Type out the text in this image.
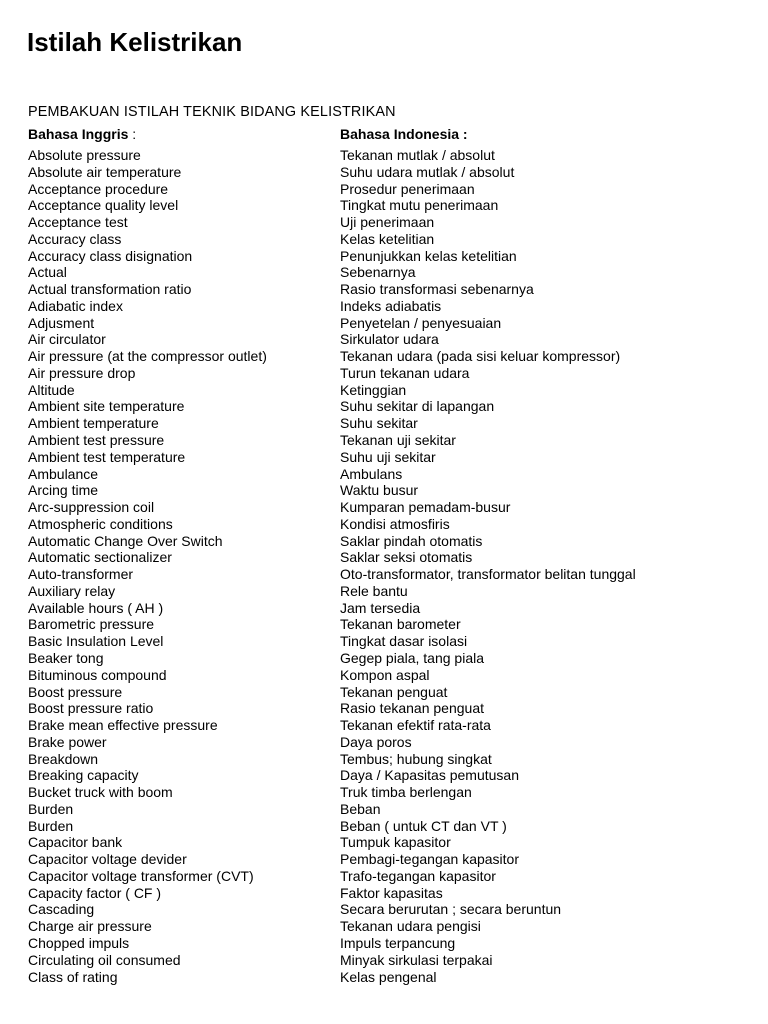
Istilah Kelistrikan
PEMBAKUAN ISTILAH TEKNIK BIDANG KELISTRIKAN
Bahasa Inggris :	Bahasa Indonesia :
Absolute pressure	Tekanan mutlak / absolut
Absolute air temperature	Suhu udara mutlak / absolut
Acceptance procedure	Prosedur penerimaan
Acceptance quality level	Tingkat mutu penerimaan
Acceptance test	Uji penerimaan
Accuracy class	Kelas ketelitian
Accuracy class disignation	Penunjukkan kelas ketelitian
Actual	Sebenarnya
Actual transformation ratio	Rasio transformasi sebenarnya
Adiabatic index	Indeks adiabatis
Adjusment	Penyetelan / penyesuaian
Air circulator	Sirkulator udara
Air pressure (at the compressor outlet)	Tekanan udara (pada sisi keluar kompressor)
Air pressure drop	Turun tekanan udara
Altitude	Ketinggian
Ambient site temperature	Suhu sekitar di lapangan
Ambient temperature	Suhu sekitar
Ambient test pressure	Tekanan uji sekitar
Ambient test temperature	Suhu uji sekitar
Ambulance	Ambulans
Arcing time	Waktu busur
Arc-suppression coil	Kumparan pemadam-busur
Atmospheric conditions	Kondisi atmosfiris
Automatic Change Over Switch	Saklar pindah otomatis
Automatic sectionalizer	Saklar seksi otomatis
Auto-transformer	Oto-transformator, transformator belitan tunggal
Auxiliary relay	Rele bantu
Available hours ( AH )	Jam tersedia
Barometric pressure	Tekanan barometer
Basic Insulation Level	Tingkat dasar isolasi
Beaker tong	Gegep piala, tang piala
Bituminous compound	Kompon aspal
Boost pressure	Tekanan penguat
Boost pressure ratio	Rasio tekanan penguat
Brake mean effective pressure	Tekanan efektif rata-rata
Brake power	Daya poros
Breakdown	Tembus; hubung singkat
Breaking capacity	Daya / Kapasitas pemutusan
Bucket truck with boom	Truk timba berlengan
Burden	Beban
Burden	Beban ( untuk CT dan VT )
Capacitor bank	Tumpuk kapasitor
Capacitor voltage devider	Pembagi-tegangan kapasitor
Capacitor voltage transformer (CVT)	Trafo-tegangan kapasitor
Capacity factor ( CF )	Faktor kapasitas
Cascading	Secara berurutan ; secara beruntun
Charge air pressure	Tekanan udara pengisi
Chopped impuls	Impuls terpancung
Circulating oil consumed	Minyak sirkulasi terpakai
Class of rating	Kelas pengenal
